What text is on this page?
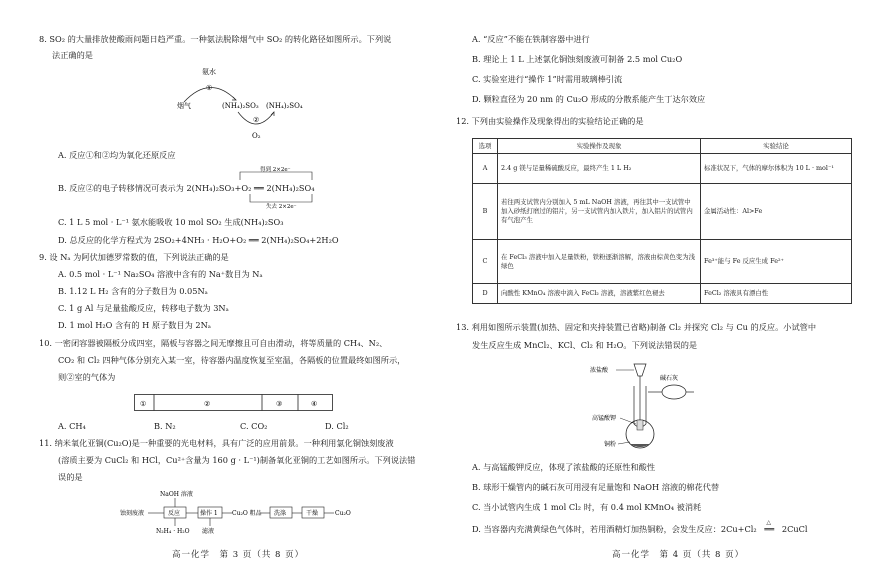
8. SO₂ 的大量排放使酸雨问题日趋严重。一种氨法脱除烟气中 SO₂ 的转化路径如图所示。下列说
法正确的是
氨水
①
烟气	(NH₄)₂SO₃
②
(NH₄)₂SO₄
O₂
A. 反应①和②均为氧化还原反应
得到 2×2e⁻
失去 2×2e⁻
B. 反应②的电子转移情况可表示为 2(NH₄)₂SO₃+O₂ ══ 2(NH₄)₂SO₄
C. 1 L 5 mol · L⁻¹ 氨水能吸收 10 mol SO₂ 生成(NH₄)₂SO₃
D. 总反应的化学方程式为 2SO₂+4NH₃ · H₂O+O₂ ══ 2(NH₄)₂SO₄+2H₂O
9. 设 Nₐ 为阿伏加德罗常数的值，下列说法正确的是
A. 0.5 mol · L⁻¹ Na₂SO₄ 溶液中含有的 Na⁺数目为 Nₐ
B. 1.12 L H₂ 含有的分子数目为 0.05Nₐ
C. 1 g Al 与足量盐酸反应，转移电子数为 3Nₐ
D. 1 mol H₂O 含有的 H 原子数目为 2Nₐ
10. 一密闭容器被隔板分成四室，隔板与容器之间无摩擦且可自由滑动，将等质量的 CH₄、N₂、
CO₂ 和 Cl₂ 四种气体分别充入某一室，待容器内温度恢复至室温，各隔板的位置最终如图所示，
则②室的气体为
①	②	③	④
A. CH₄	B. N₂	C. CO₂	D. Cl₂
11. 纳米氧化亚铜(Cu₂O)是一种重要的光电材料，具有广泛的应用前景。一种利用氯化铜蚀刻废液
(溶质主要为 CuCl₂ 和 HCl，Cu²⁺含量为 160 g · L⁻¹)制备氧化亚铜的工艺如图所示。下列说法错
误的是
NaOH 溶液
蚀刻废液	反应	操作 1 Cu₂O 粗品 洗涤	干燥	Cu₂O
N₂H₄ · H₂O 滤液
高一化学　第 3 页（共 8 页）
A. “反应”不能在铁制容器中进行
B. 理论上 1 L 上述氯化铜蚀刻废液可制备 2.5 mol Cu₂O
C. 实验室进行“操作 1”时需用玻璃棒引流
D. 颗粒直径为 20 nm 的 Cu₂O 形成的分散系能产生丁达尔效应
12. 下列由实验操作及现象得出的实验结论正确的是
选项	实验操作及现象	实验结论
A	2.4 g 镁与足量稀硫酸反应，最终产生 1 L H₂	标准状况下，气体的摩尔体积为 10 L · mol⁻¹
B	若往两支试管内分别加入 5 mL NaOH 溶液，再往其中一支试管中加入砂纸打磨过的铝片，另一支试管内加入铁片，加入铝片的试管内有气泡产生	金属活动性：Al>Fe
C	在 FeCl₃ 溶液中加入足量铁粉，铁粉逐渐溶解，溶液由棕黄色变为浅绿色	Fe³⁺能与 Fe 反应生成 Fe²⁺
D	向酸性 KMnO₄ 溶液中滴入 FeCl₂ 溶液，溶液紫红色褪去	FeCl₂ 溶液具有漂白性
13. 利用如图所示装置(加热、固定和夹持装置已省略)制备 Cl₂ 并探究 Cl₂ 与 Cu 的反应。小试管中
发生反应生成 MnCl₂、KCl、Cl₂ 和 H₂O。下列说法错误的是
浓盐酸
碱石灰
高锰酸钾
铜粉
A. 与高锰酸钾反应，体现了浓盐酸的还原性和酸性
B. 球形干燥管内的碱石灰可用浸有足量饱和 NaOH 溶液的棉花代替
C. 当小试管内生成 1 mol Cl₂ 时，有 0.4 mol KMnO₄ 被消耗
D. 当容器内充满黄绿色气体时，若用酒精灯加热铜粉，会发生反应：2Cu+Cl₂
△
══ 2CuCl
高一化学　第 4 页（共 8 页）
